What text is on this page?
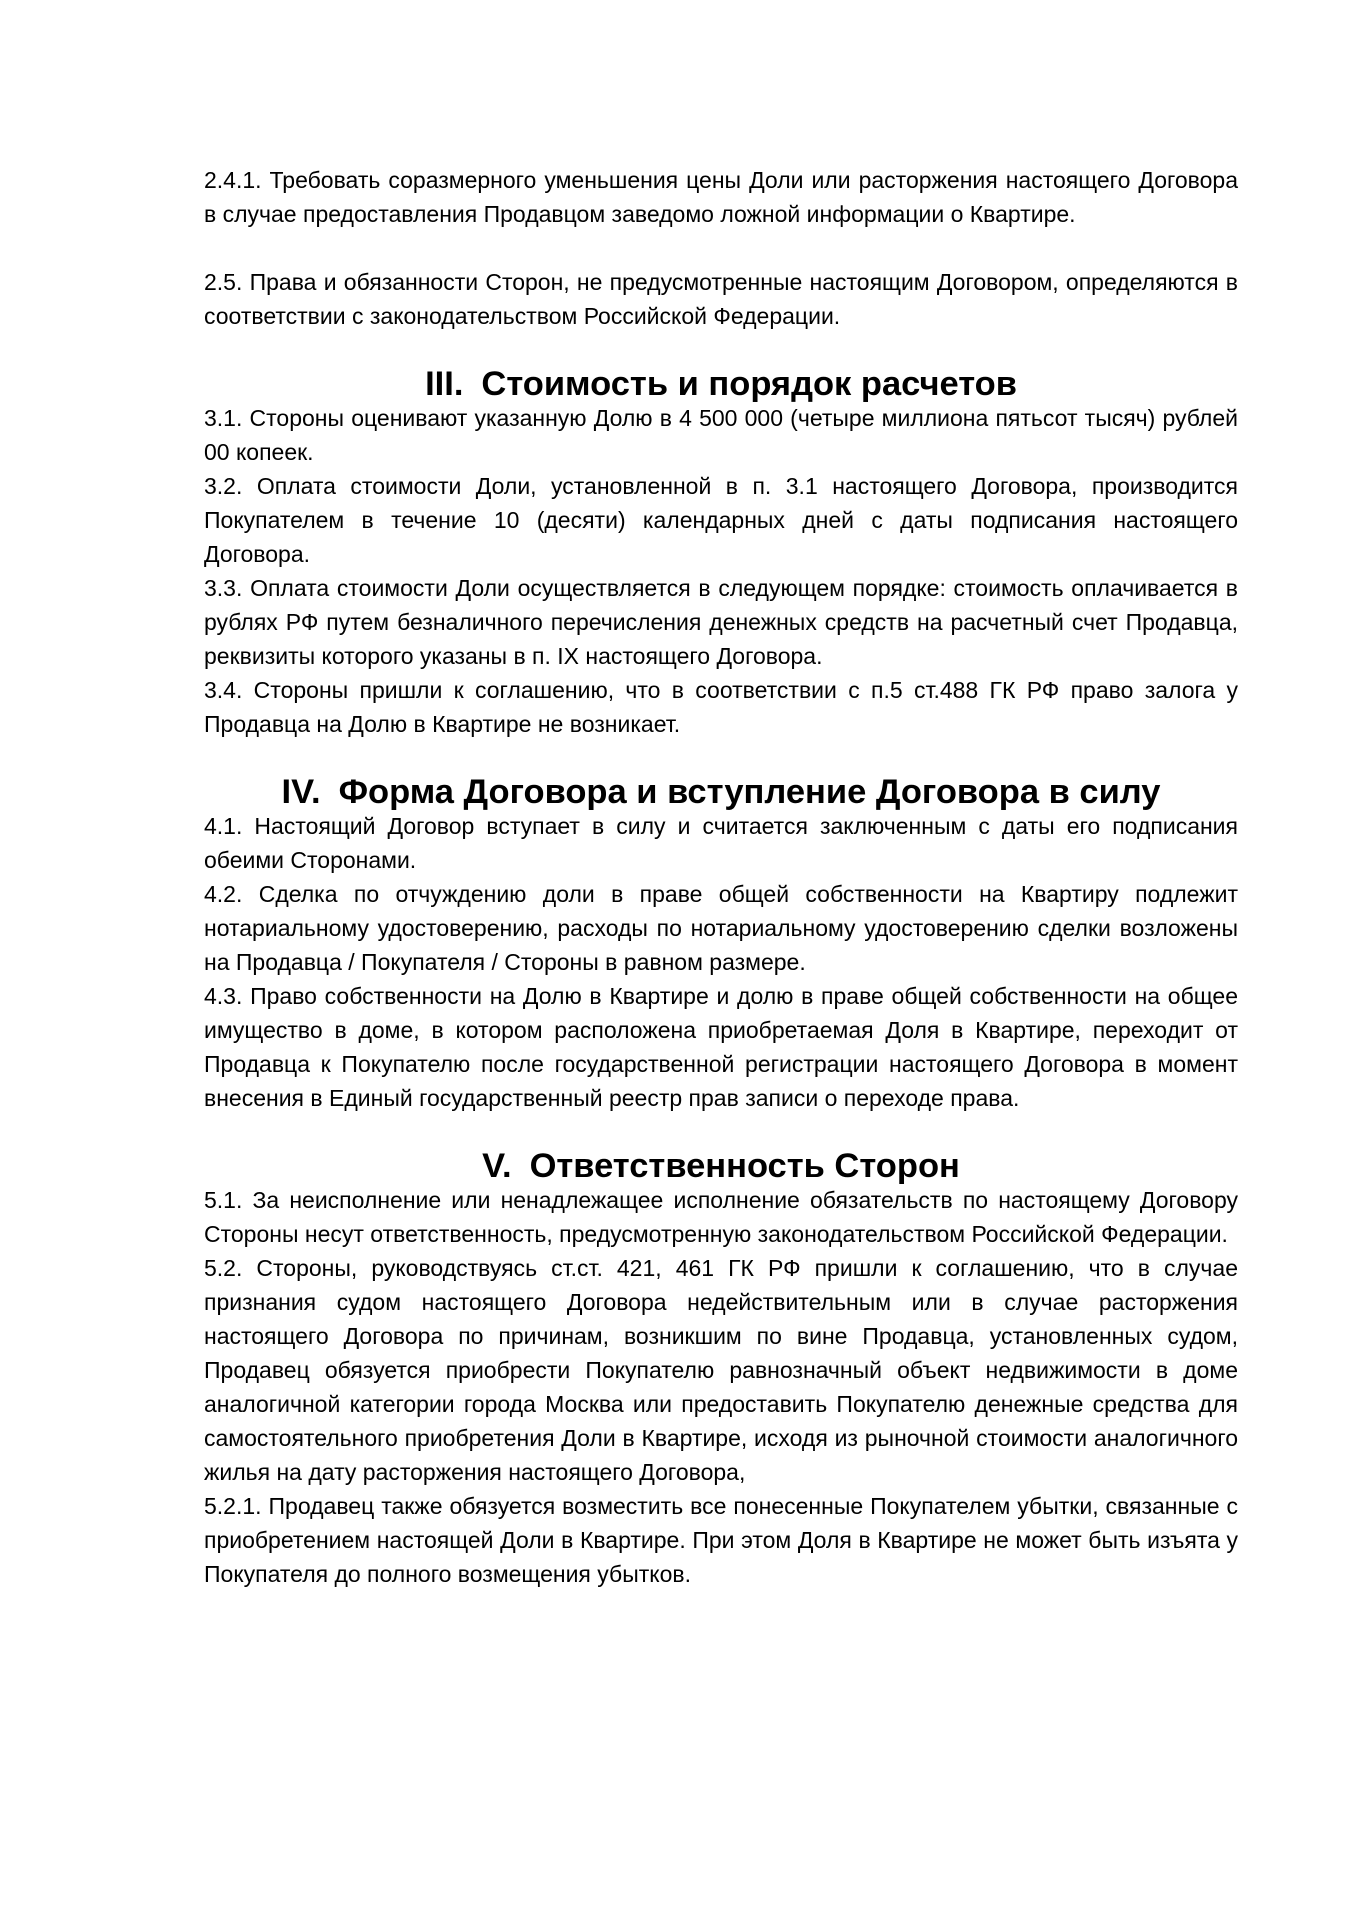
2.4.1. Требовать соразмерного уменьшения цены Доли или расторжения настоящего Договора в случае предоставления Продавцом заведомо ложной информации о Квартире.

2.5. Права и обязанности Сторон, не предусмотренные настоящим Договором, определяются в соответствии с законодательством Российской Федерации.

III. Стоимость и порядок расчетов

3.1. Стороны оценивают указанную Долю в 4 500 000 (четыре миллиона пятьсот тысяч) рублей 00 копеек.

3.2. Оплата стоимости Доли, установленной в п. 3.1 настоящего Договора, производится Покупателем в течение 10 (десяти) календарных дней с даты подписания настоящего Договора.

3.3. Оплата стоимости Доли осуществляется в следующем порядке: стоимость оплачивается в рублях РФ путем безналичного перечисления денежных средств на расчетный счет Продавца, реквизиты которого указаны в п. IX настоящего Договора.

3.4. Стороны пришли к соглашению, что в соответствии с п.5 ст.488 ГК РФ право залога у Продавца на Долю в Квартире не возникает.

IV. Форма Договора и вступление Договора в силу

4.1. Настоящий Договор вступает в силу и считается заключенным с даты его подписания обеими Сторонами.

4.2. Сделка по отчуждению доли в праве общей собственности на Квартиру подлежит нотариальному удостоверению, расходы по нотариальному удостоверению сделки возложены на Продавца / Покупателя / Стороны в равном размере.

4.3. Право собственности на Долю в Квартире и долю в праве общей собственности на общее имущество в доме, в котором расположена приобретаемая Доля в Квартире, переходит от Продавца к Покупателю после государственной регистрации настоящего Договора в момент внесения в Единый государственный реестр прав записи о переходе права.

V. Ответственность Сторон

5.1. За неисполнение или ненадлежащее исполнение обязательств по настоящему Договору Стороны несут ответственность, предусмотренную законодательством Российской Федерации.

5.2. Стороны, руководствуясь ст.ст. 421, 461 ГК РФ пришли к соглашению, что в случае признания судом настоящего Договора недействительным или в случае расторжения настоящего Договора по причинам, возникшим по вине Продавца, установленных судом, Продавец обязуется приобрести Покупателю равнозначный объект недвижимости в доме аналогичной категории города Москва или предоставить Покупателю денежные средства для самостоятельного приобретения Доли в Квартире, исходя из рыночной стоимости аналогичного жилья на дату расторжения настоящего Договора,

5.2.1. Продавец также обязуется возместить все понесенные Покупателем убытки, связанные с приобретением настоящей Доли в Квартире. При этом Доля в Квартире не может быть изъята у Покупателя до полного возмещения убытков.
